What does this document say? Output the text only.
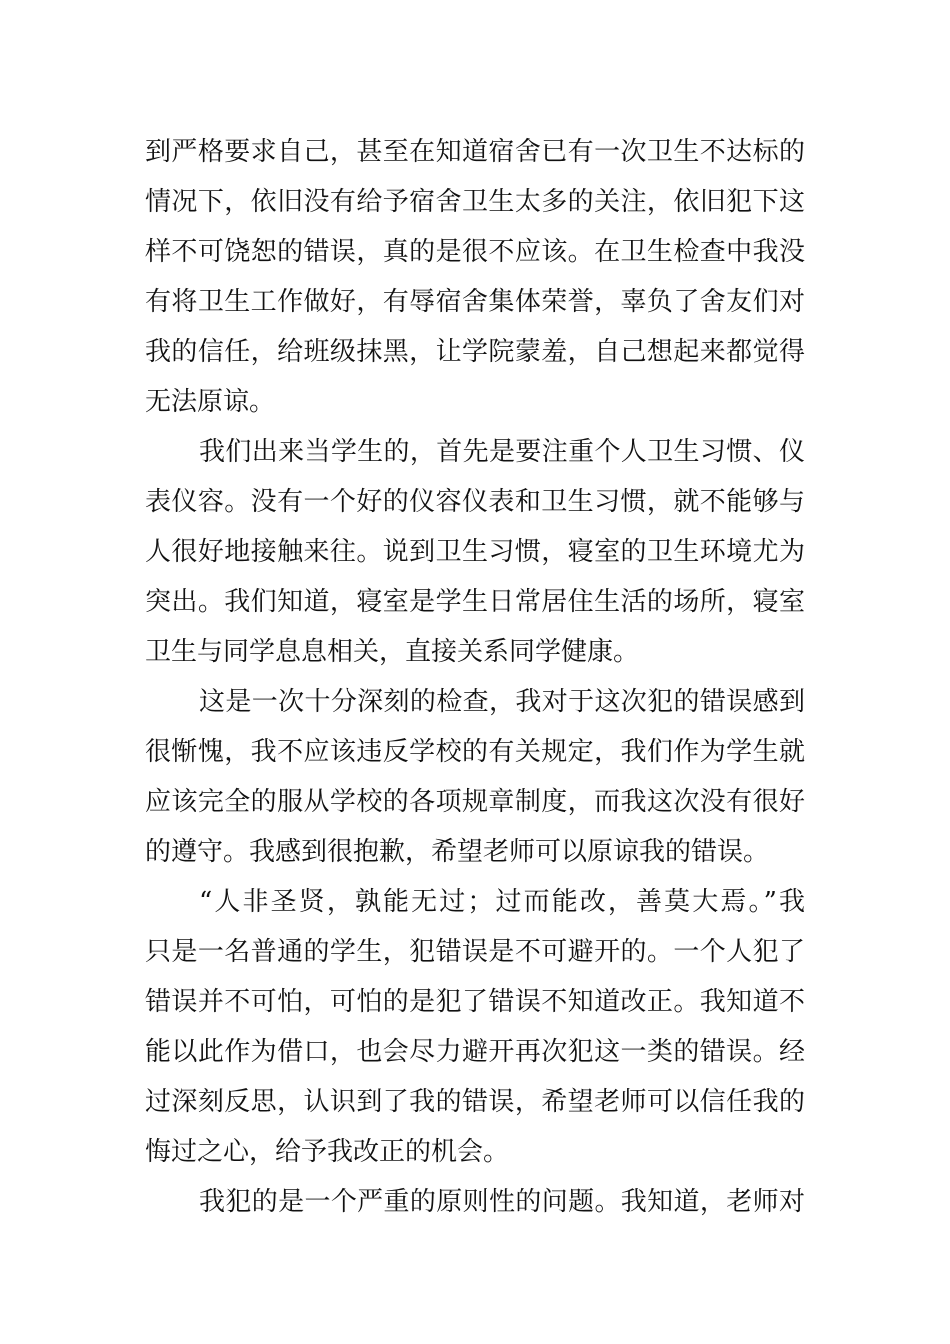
到严格要求自己，甚至在知道宿舍已有一次卫生不达标的
情况下，依旧没有给予宿舍卫生太多的关注，依旧犯下这
样不可饶恕的错误，真的是很不应该。在卫生检查中我没
有将卫生工作做好，有辱宿舍集体荣誉，辜负了舍友们对
我的信任，给班级抹黑，让学院蒙羞，自己想起来都觉得
无法原谅。
我们出来当学生的，首先是要注重个人卫生习惯、仪
表仪容。没有一个好的仪容仪表和卫生习惯，就不能够与
人很好地接触来往。说到卫生习惯，寝室的卫生环境尤为
突出。我们知道，寝室是学生日常居住生活的场所，寝室
卫生与同学息息相关，直接关系同学健康。
这是一次十分深刻的检查，我对于这次犯的错误感到
很惭愧，我不应该违反学校的有关规定，我们作为学生就
应该完全的服从学校的各项规章制度，而我这次没有很好
的遵守。我感到很抱歉，希望老师可以原谅我的错误。
“人非圣贤，孰能无过；过而能改，善莫大焉。”我
只是一名普通的学生，犯错误是不可避开的。一个人犯了
错误并不可怕，可怕的是犯了错误不知道改正。我知道不
能以此作为借口，也会尽力避开再次犯这一类的错误。经
过深刻反思，认识到了我的错误，希望老师可以信任我的
悔过之心，给予我改正的机会。
我犯的是一个严重的原则性的问题。我知道，老师对
